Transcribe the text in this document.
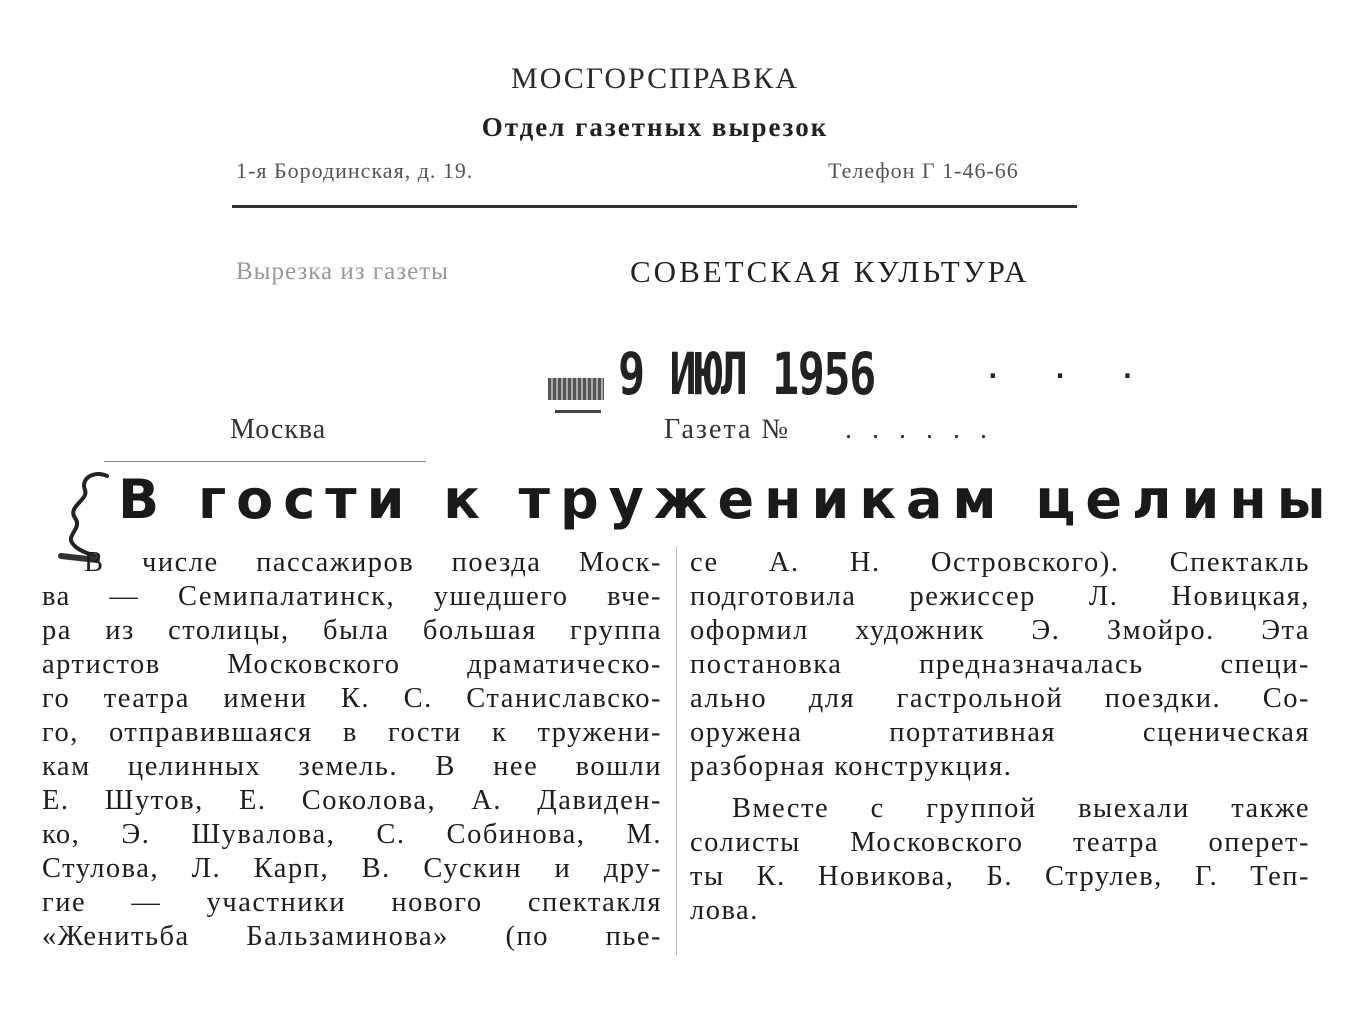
МОСГОРСПРАВКА
Отдел газетных вырезок
1-я Бородинская, д. 19.	Телефон Г 1-46-66
Вырезка из газеты	СОВЕТСКАЯ КУЛЬТУРА
9 ИЮЛ 1956	. . .
Москва	Газета № ......
В гости к труженикам целины
В числе пассажиров поезда Моск-
ва — Семипалатинск, ушедшего вче-
ра из столицы, была большая группа
артистов Московского драматическо-
го театра имени К. С. Станиславско-
го, отправившаяся в гости к тружени-
кам целинных земель. В нее вошли
Е. Шутов, Е. Соколова, А. Давиден-
ко, Э. Шувалова, С. Собинова, М.
Стулова, Л. Карп, В. Сускин и дру-
гие — участники нового спектакля
«Женитьба Бальзаминова» (по пье-

се А. Н. Островского). Спектакль
подготовила режиссер Л. Новицкая,
оформил художник Э. Змойро. Эта
постановка предназначалась специ-
ально для гастрольной поездки. Со-
оружена портативная сценическая
разборная конструкция.

Вместе с группой выехали также
солисты Московского театра оперет-
ты К. Новикова, Б. Струлев, Г. Теп-
лова.
